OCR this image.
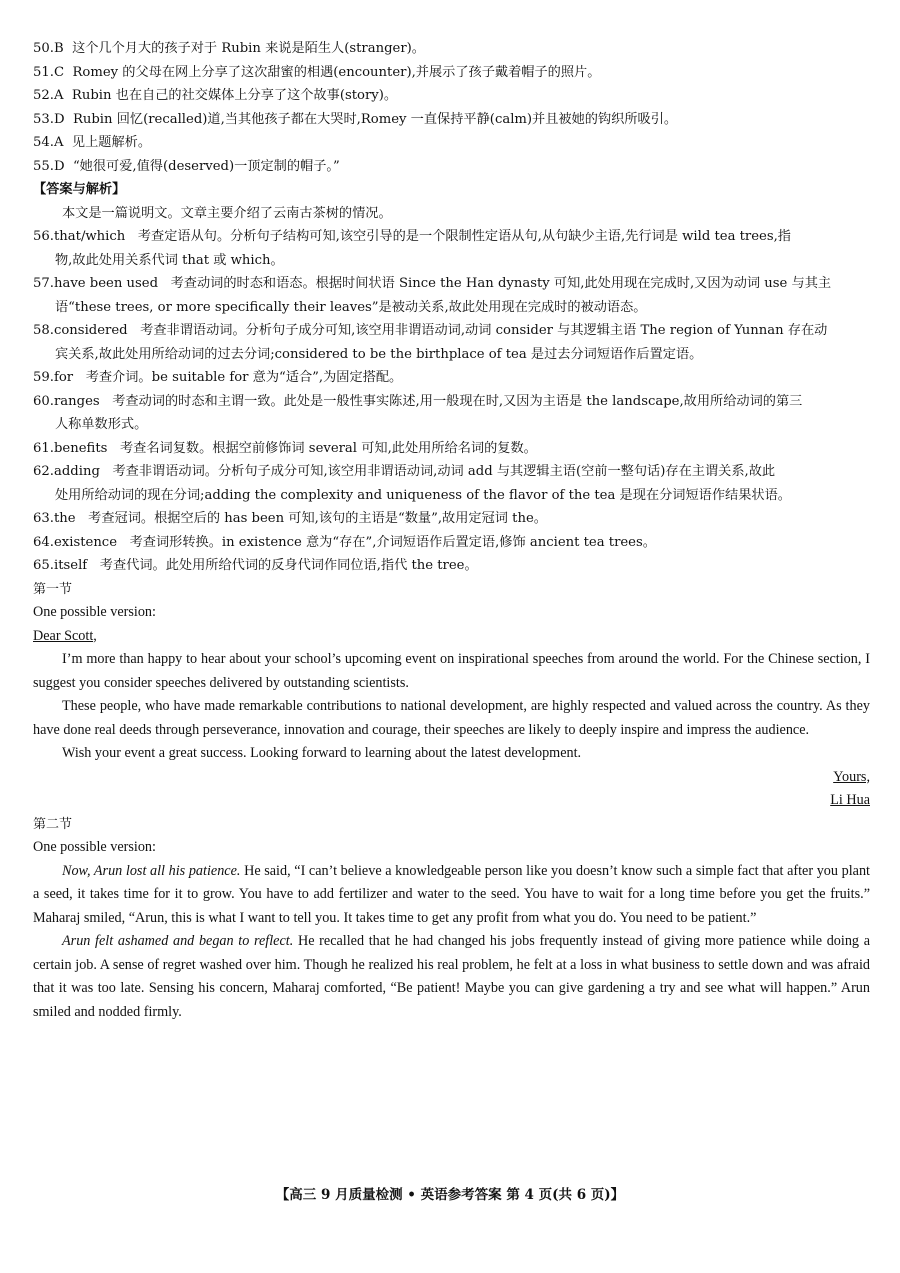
50.B 这个几个月大的孩子对于 Rubin 来说是陌生人(stranger)。

51.C Romey 的父母在网上分享了这次甜蜜的相遇(encounter),并展示了孩子戴着帽子的照片。

52.A Rubin 也在自己的社交媒体上分享了这个故事(story)。

53.D Rubin 回忆(recalled)道,当其他孩子都在大哭时,Romey 一直保持平静(calm)并且被她的钩织所吸引。

54.A 见上题解析。

55.D “她很可爱,值得(deserved)一顶定制的帽子。”

【答案与解析】

本文是一篇说明文。文章主要介绍了云南古茶树的情况。

56.that/which 考查定语从句。分析句子结构可知,该空引导的是一个限制性定语从句,从句缺少主语,先行词是 wild tea trees,指

物,故此处用关系代词 that 或 which。

57.have been used 考查动词的时态和语态。根据时间状语 Since the Han dynasty 可知,此处用现在完成时,又因为动词 use 与其主

语“these trees, or more specifically their leaves”是被动关系,故此处用现在完成时的被动语态。

58.considered 考查非谓语动词。分析句子成分可知,该空用非谓语动词,动词 consider 与其逻辑主语 The region of Yunnan 存在动

宾关系,故此处用所给动词的过去分词;considered to be the birthplace of tea 是过去分词短语作后置定语。

59.for 考查介词。be suitable for 意为“适合”,为固定搭配。

60.ranges 考查动词的时态和主谓一致。此处是一般性事实陈述,用一般现在时,又因为主语是 the landscape,故用所给动词的第三

人称单数形式。

61.benefits 考查名词复数。根据空前修饰词 several 可知,此处用所给名词的复数。

62.adding 考查非谓语动词。分析句子成分可知,该空用非谓语动词,动词 add 与其逻辑主语(空前一整句话)存在主谓关系,故此

处用所给动词的现在分词;adding the complexity and uniqueness of the flavor of the tea 是现在分词短语作结果状语。

63.the 考查冠词。根据空后的 has been 可知,该句的主语是“数量”,故用定冠词 the。

64.existence 考查词形转换。in existence 意为“存在”,介词短语作后置定语,修饰 ancient tea trees。

65.itself 考查代词。此处用所给代词的反身代词作同位语,指代 the tree。

第一节

One possible version:

Dear Scott,

I’m more than happy to hear about your school’s upcoming event on inspirational speeches from around the world. For the Chinese section, I suggest you consider speeches delivered by outstanding scientists.

These people, who have made remarkable contributions to national development, are highly respected and valued across the country. As they have done real deeds through perseverance, innovation and courage, their speeches are likely to deeply inspire and impress the audience.

Wish your event a great success. Looking forward to learning about the latest development.

Yours,

Li Hua

第二节

One possible version:

Now, Arun lost all his patience. He said, “I can’t believe a knowledgeable person like you doesn’t know such a simple fact that after you plant a seed, it takes time for it to grow. You have to add fertilizer and water to the seed. You have to wait for a long time before you get the fruits.” Maharaj smiled, “Arun, this is what I want to tell you. It takes time to get any profit from what you do. You need to be patient.”

Arun felt ashamed and began to reflect. He recalled that he had changed his jobs frequently instead of giving more patience while doing a certain job. A sense of regret washed over him. Though he realized his real problem, he felt at a loss in what business to settle down and was afraid that it was too late. Sensing his concern, Maharaj comforted, “Be patient! Maybe you can give gardening a try and see what will happen.” Arun smiled and nodded firmly.

【高三 9 月质量检测 • 英语参考答案 第 4 页(共 6 页)】
